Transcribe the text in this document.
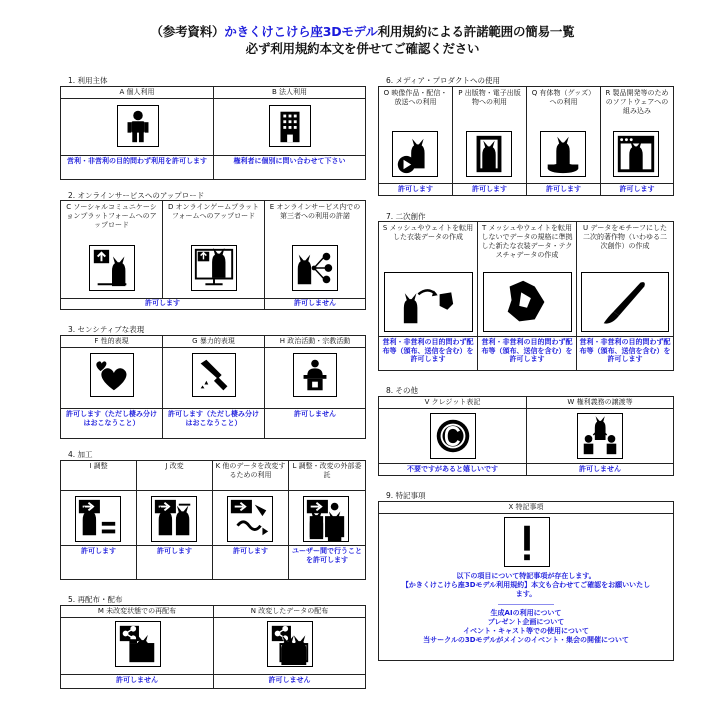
（参考資料）かきくけこけら座3Dモデル利用規約による許諾範囲の簡易一覧
必ず利用規約本文を併せてご確認ください
1. 利用主体
A 個人利用
営利・非営利の目的問わず利用を許可します
B 法人利用
権利者に個別に問い合わせて下さい
2. オンラインサービスへのアップロード
C ソーシャルコミュニケーションプラットフォームへのアップロード
D オンラインゲームプラットフォームへのアップロード
E オンラインサービス内での第三者への利用の許諾
許可します	許可しません
3. センシティブな表現
F 性的表現
許可します（ただし棲み分けはおこなうこと）
G 暴力的表現
許可します（ただし棲み分けはおこなうこと）
H 政治活動・宗教活動
許可しません
4. 加工
I 調整
許可します
J 改変
許可します
K 他のデータを改変するための利用
許可します
L 調整・改変の外部委託
ユーザー間で行うことを許可します
5. 再配布・配布
M 未改変状態での再配布
許可しません
N 改変したデータの配布
許可しません
6. メディア・プロダクトへの使用
O 映像作品・配信・放送への利用
許可します
P 出版物・電子出版物への利用
許可します
Q 有体物（グッズ）への利用
許可します
R 製品開発等のためのソフトウェアへの組み込み
許可します
7. 二次創作
S メッシュやウェイトを転用した衣装データの作成
営利・非営利の目的問わず配布等（頒布、送信を含む）を許可します
T メッシュやウェイトを転用しないでデータの規格に準拠した新たな衣装データ・テクスチャデータの作成
営利・非営利の目的問わず配布等（頒布、送信を含む）を許可します
U データをモチーフにした二次的著作物（いわゆる二次創作）の作成
営利・非営利の目的問わず配布等（頒布、送信を含む）を許可します
8. その他
V クレジット表記
不要ですがあると嬉しいです
W 権利義務の譲渡等
許可しません
9. 特記事項
X 特記事項
以下の項目について特記事項が存在します。
【かきくけこけら座3Dモデル利用規約】本文も合わせてご確認をお願いいたします。
――――――――
生成AIの利用について
プレゼント企画について
イベント・キャスト等での使用について
当サークルの3Dモデルがメインのイベント・集会の開催について
